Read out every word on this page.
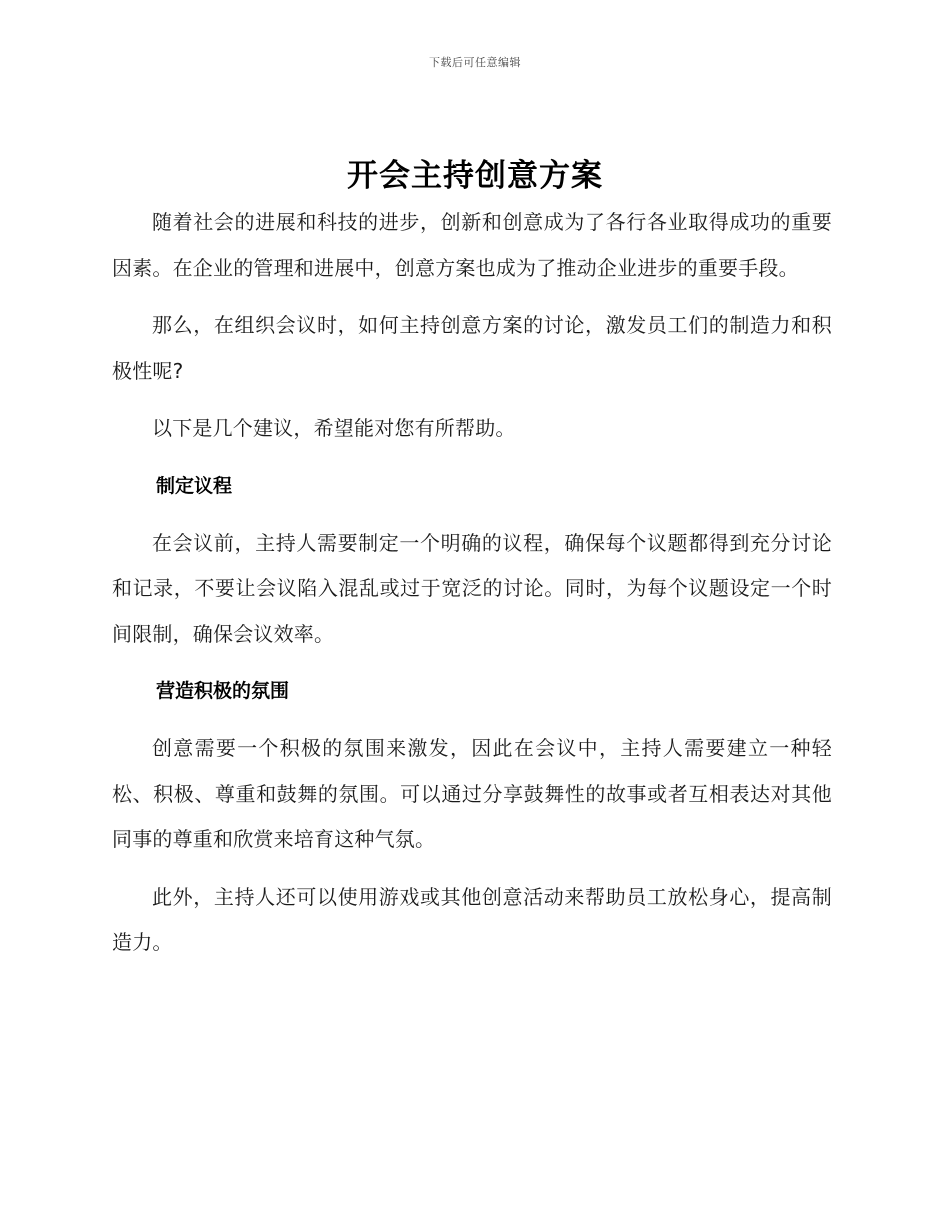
下载后可任意编辑
开会主持创意方案

随着社会的进展和科技的进步，创新和创意成为了各行各业取得成功的重要因素。在企业的管理和进展中，创意方案也成为了推动企业进步的重要手段。

那么，在组织会议时，如何主持创意方案的讨论，激发员工们的制造力和积极性呢?

以下是几个建议，希望能对您有所帮助。

制定议程

在会议前，主持人需要制定一个明确的议程，确保每个议题都得到充分讨论和记录，不要让会议陷入混乱或过于宽泛的讨论。同时，为每个议题设定一个时间限制，确保会议效率。

营造积极的氛围

创意需要一个积极的氛围来激发，因此在会议中，主持人需要建立一种轻松、积极、尊重和鼓舞的氛围。可以通过分享鼓舞性的故事或者互相表达对其他同事的尊重和欣赏来培育这种气氛。

此外，主持人还可以使用游戏或其他创意活动来帮助员工放松身心，提高制造力。
